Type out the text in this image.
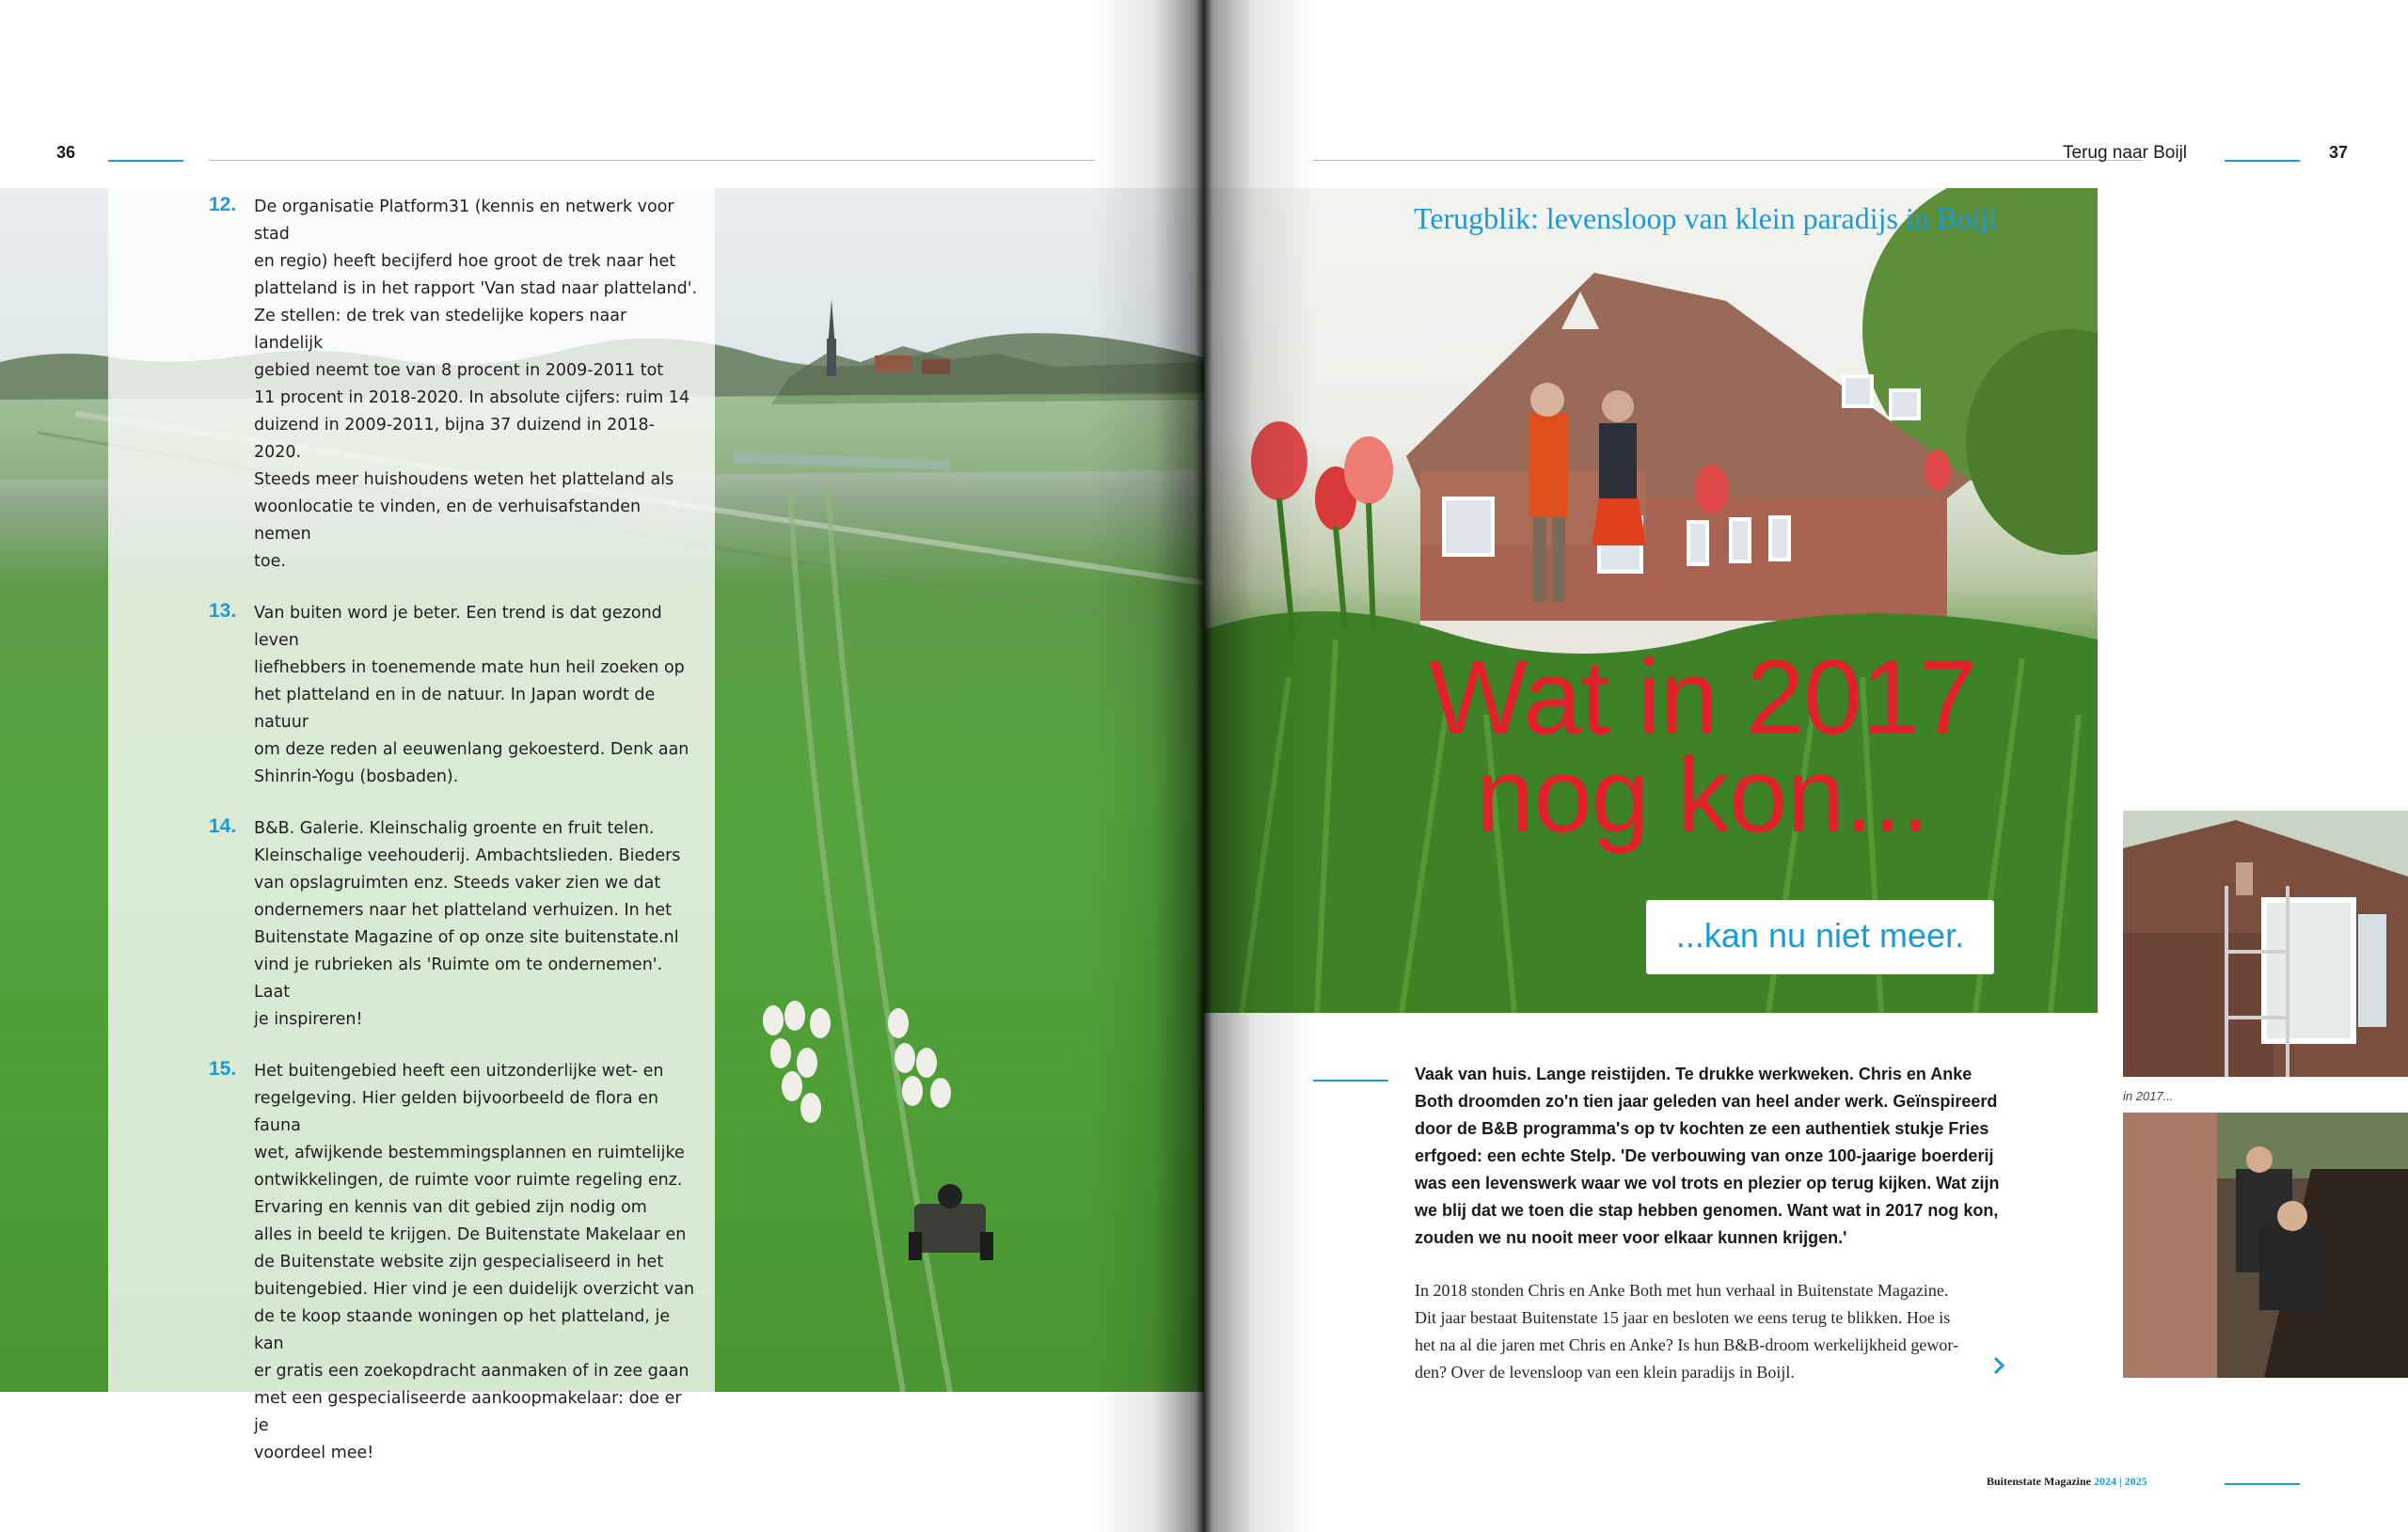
36
12. De organisatie Platform31 (kennis en netwerk voor stad
en regio) heeft becijferd hoe groot de trek naar het
platteland is in het rapport 'Van stad naar platteland'.
Ze stellen: de trek van stedelijke kopers naar landelijk
gebied neemt toe van 8 procent in 2009-2011 tot
11 procent in 2018-2020. In absolute cijfers: ruim 14
duizend in 2009-2011, bijna 37 duizend in 2018-2020.
Steeds meer huishoudens weten het platteland als
woonlocatie te vinden, en de verhuisafstanden nemen
toe.
13. Van buiten word je beter. Een trend is dat gezond leven
liefhebbers in toenemende mate hun heil zoeken op
het platteland en in de natuur. In Japan wordt de natuur
om deze reden al eeuwenlang gekoesterd. Denk aan
Shinrin-Yogu (bosbaden).
14. B&B. Galerie. Kleinschalig groente en fruit telen.
Kleinschalige veehouderij. Ambachtslieden. Bieders
van opslagruimten enz. Steeds vaker zien we dat
ondernemers naar het platteland verhuizen. In het
Buitenstate Magazine of op onze site buitenstate.nl
vind je rubrieken als 'Ruimte om te ondernemen'. Laat
je inspireren!
15. Het buitengebied heeft een uitzonderlijke wet- en
regelgeving. Hier gelden bijvoorbeeld de flora en fauna
wet, afwijkende bestemmingsplannen en ruimtelijke
ontwikkelingen, de ruimte voor ruimte regeling enz.
Ervaring en kennis van dit gebied zijn nodig om
alles in beeld te krijgen. De Buitenstate Makelaar en
de Buitenstate website zijn gespecialiseerd in het
buitengebied. Hier vind je een duidelijk overzicht van
de te koop staande woningen op het platteland, je kan
er gratis een zoekopdracht aanmaken of in zee gaan
met een gespecialiseerde aankoopmakelaar: doe er je
voordeel mee!
Terug naar Boijl	37
Terugblik: levensloop van klein paradijs in Boijl
Wat in 2017
nog kon...
...kan nu niet meer.
in 2017...
Vaak van huis. Lange reistijden. Te drukke werkweken. Chris en Anke
Both droomden zo'n tien jaar geleden van heel ander werk. Geïnspireerd
door de B&B programma's op tv kochten ze een authentiek stukje Fries
erfgoed: een echte Stelp. 'De verbouwing van onze 100-jaarige boerderij
was een levenswerk waar we vol trots en plezier op terug kijken. Wat zijn
we blij dat we toen die stap hebben genomen. Want wat in 2017 nog kon,
zouden we nu nooit meer voor elkaar kunnen krijgen.'
In 2018 stonden Chris en Anke Both met hun verhaal in Buitenstate Magazine.
Dit jaar bestaat Buitenstate 15 jaar en besloten we eens terug te blikken. Hoe is
het na al die jaren met Chris en Anke? Is hun B&B-droom werkelijkheid gewor-
den? Over de levensloop van een klein paradijs in Boijl.
Buitenstate Magazine 2024 | 2025
